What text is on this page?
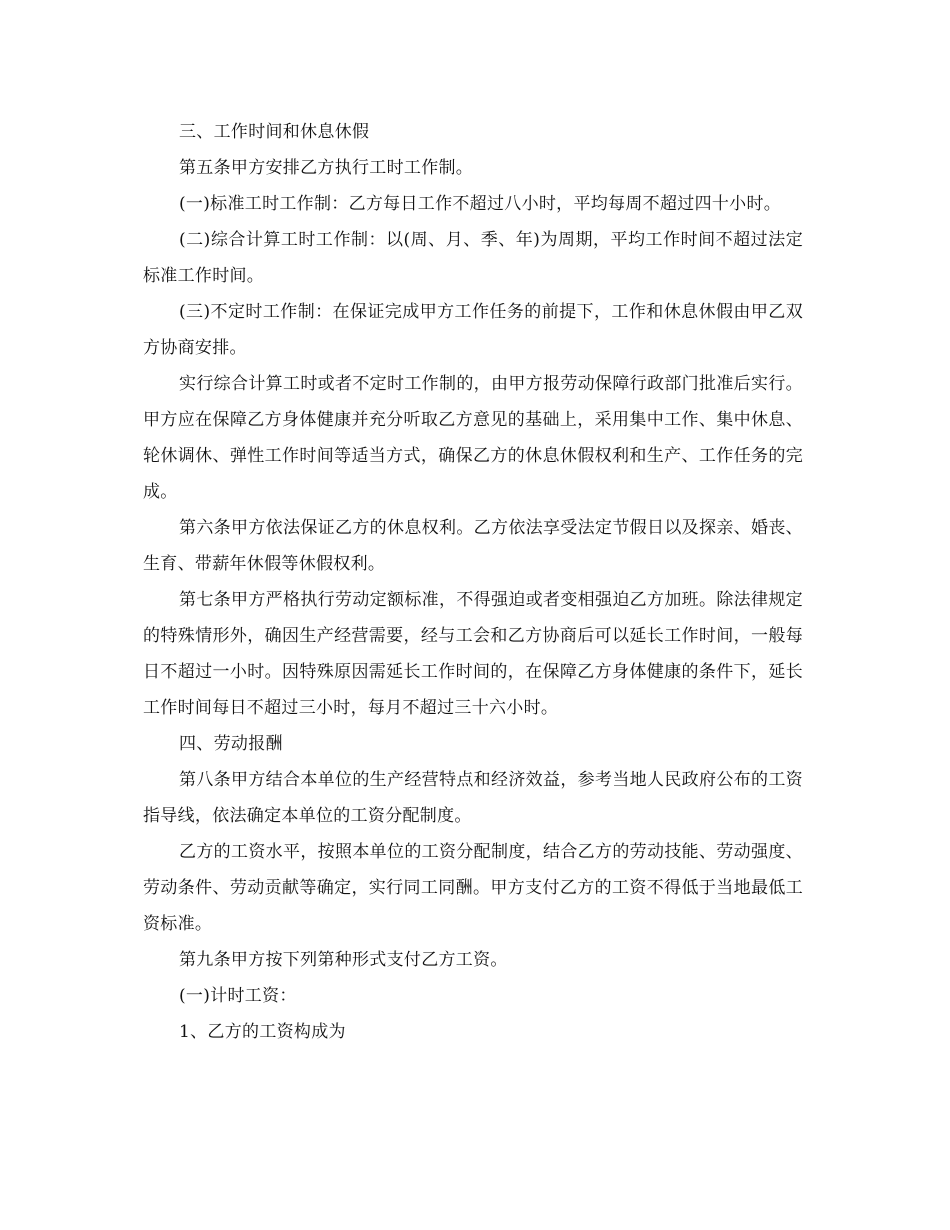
三、工作时间和休息休假

第五条甲方安排乙方执行工时工作制。

(一)标准工时工作制：乙方每日工作不超过八小时，平均每周不超过四十小时。

(二)综合计算工时工作制：以(周、月、季、年)为周期，平均工作时间不超过法定标准工作时间。

(三)不定时工作制：在保证完成甲方工作任务的前提下，工作和休息休假由甲乙双方协商安排。

实行综合计算工时或者不定时工作制的，由甲方报劳动保障行政部门批准后实行。甲方应在保障乙方身体健康并充分听取乙方意见的基础上，采用集中工作、集中休息、轮休调休、弹性工作时间等适当方式，确保乙方的休息休假权利和生产、工作任务的完成。

第六条甲方依法保证乙方的休息权利。乙方依法享受法定节假日以及探亲、婚丧、生育、带薪年休假等休假权利。

第七条甲方严格执行劳动定额标准，不得强迫或者变相强迫乙方加班。除法律规定的特殊情形外，确因生产经营需要，经与工会和乙方协商后可以延长工作时间，一般每日不超过一小时。因特殊原因需延长工作时间的，在保障乙方身体健康的条件下，延长工作时间每日不超过三小时，每月不超过三十六小时。

四、劳动报酬

第八条甲方结合本单位的生产经营特点和经济效益，参考当地人民政府公布的工资指导线，依法确定本单位的工资分配制度。

乙方的工资水平，按照本单位的工资分配制度，结合乙方的劳动技能、劳动强度、劳动条件、劳动贡献等确定，实行同工同酬。甲方支付乙方的工资不得低于当地最低工资标准。

第九条甲方按下列第种形式支付乙方工资。

(一)计时工资：

1、乙方的工资构成为
